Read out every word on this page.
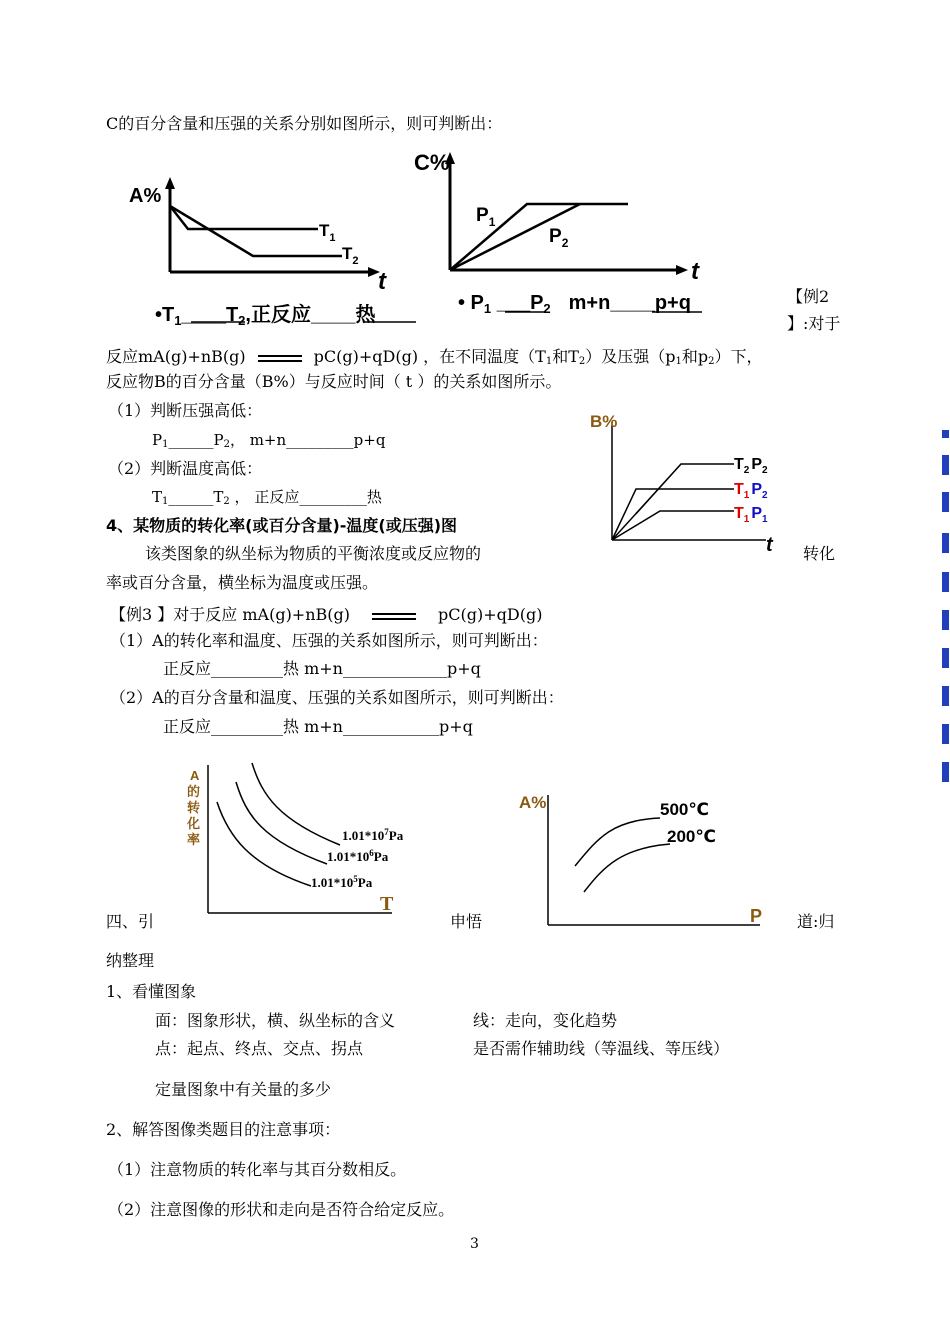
C的百分含量和压强的关系分别如图所示，则可判断出：
A%
t
$T_1$
$T_2$
C%
t
$P_1$
$P_2$
$•T_1\_\_\_\_T_2$,正反应____热
• $P_1$ $\_\_\_P_2$ m+n____p+q	【例2
】:对于
反应mA(g)+nB(g)	pC(g)+qD(g) ，在不同温度（$T_1$和$T_2$）及压强（$p_1$和$p_2$）下，
反应物B的百分含量（B%）与反应时间（ t ）的关系如图所示。
（1）判断压强高低：
$P_1\_\_\_\_\_\_P_2$， m+n_________p+q
（2）判断温度高低：
$T_1\_\_\_\_\_\_T_2$ ， 正反应_________热
B%
t
$T_2$ $P_2$
$T_1$ $P_2$
$T_1$ $P_1$
4、某物质的转化率(或百分含量)-温度(或压强)图
该类图象的纵坐标为物质的平衡浓度或反应物的	转化
率或百分含量，横坐标为温度或压强。
【例3 】对于反应 mA(g)+nB(g)	pC(g)+qD(g)
（1）A的转化率和温度、压强的关系如图所示，则可判断出：
正反应_________热 m+n_____________p+q
（2）A的百分含量和温度、压强的关系如图所示，则可判断出：
正反应_________热 m+n____________p+q
A
的
转
化
率
T
$1.01*10^7Pa$
$1.01*10^6Pa$
$1.01*10^5Pa$
A%
P
500℃
200℃
四、引	申悟	道:归
纳整理
1、看懂图象
面：图象形状，横、纵坐标的含义	线：走向，变化趋势
点：起点、终点、交点、拐点	是否需作辅助线（等温线、等压线）
定量图象中有关量的多少
2、解答图像类题目的注意事项：
（1）注意物质的转化率与其百分数相反。
（2）注意图像的形状和走向是否符合给定反应。
3
